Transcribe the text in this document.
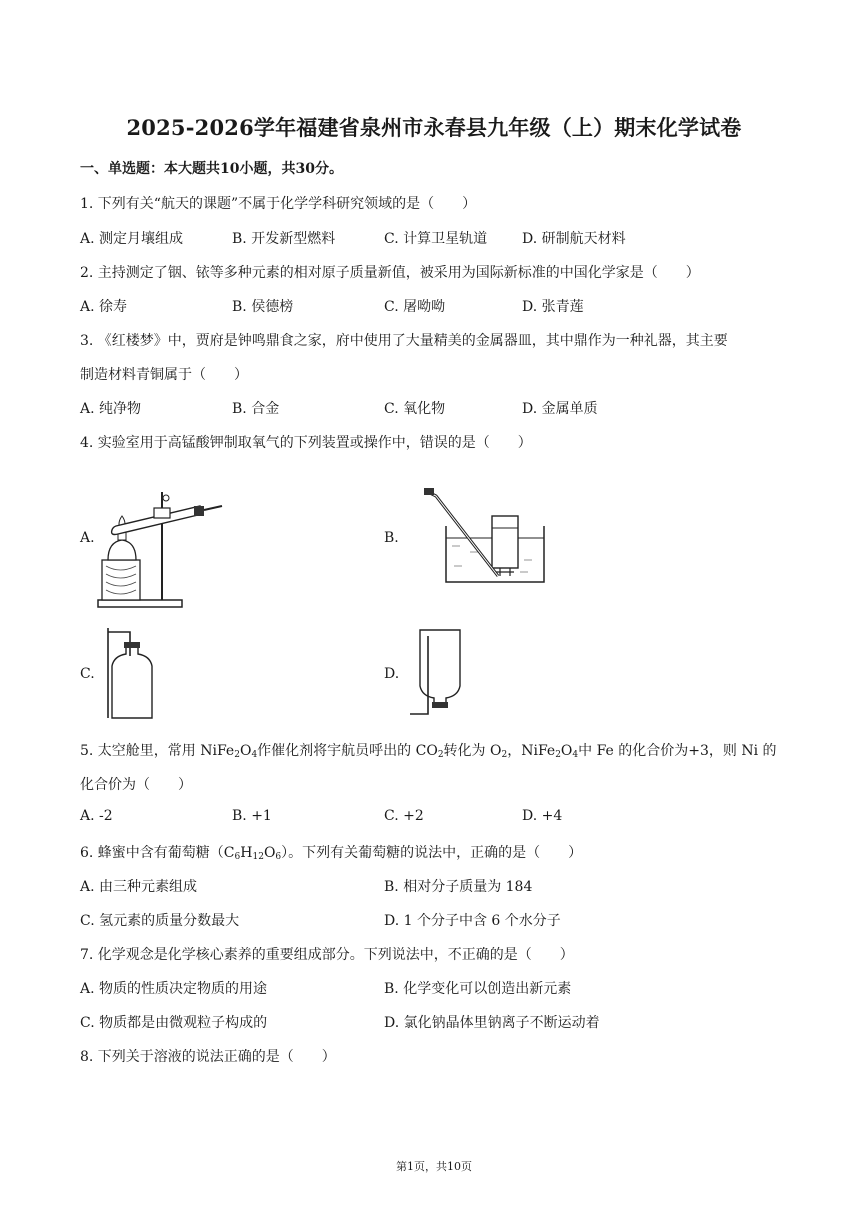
2025-2026学年福建省泉州市永春县九年级（上）期末化学试卷
一、单选题：本大题共10小题，共30分。
1. 下列有关“航天的课题”不属于化学学科研究领域的是（　　）
A. 测定月壤组成	B. 开发新型燃料	C. 计算卫星轨道 D. 研制航天材料
2. 主持测定了铟、铱等多种元素的相对原子质量新值，被采用为国际新标准的中国化学家是（　　）
A. 徐寿	B. 侯德榜	C. 屠呦呦	D. 张青莲
3. 《红楼梦》中，贾府是钟鸣鼎食之家，府中使用了大量精美的金属器皿，其中鼎作为一种礼器，其主要
制造材料青铜属于（　　）
A. 纯净物	B. 合金	C. 氧化物	D. 金属单质
4. 实验室用于高锰酸钾制取氧气的下列装置或操作中，错误的是（　　）
A.	B.
C.	D.
5. 太空舱里，常用 $NiFe_2O_4$作催化剂将宇航员呼出的 $CO_2$转化为 $O_2$，$NiFe_2O_4$中 Fe 的化合价为+3，则 Ni 的
化合价为（　　）
A. -2	B. +1	C. +2	D. +4
6. 蜂蜜中含有葡萄糖$(C_6H_{12}O_6)$。下列有关葡萄糖的说法中，正确的是（　　）
A. 由三种元素组成	B. 相对分子质量为 184
C. 氢元素的质量分数最大	D. 1 个分子中含 6 个水分子
7. 化学观念是化学核心素养的重要组成部分。下列说法中，不正确的是（　　）
A. 物质的性质决定物质的用途	B. 化学变化可以创造出新元素
C. 物质都是由微观粒子构成的	D. 氯化钠晶体里钠离子不断运动着
8. 下列关于溶液的说法正确的是（　　）
第1页，共10页
